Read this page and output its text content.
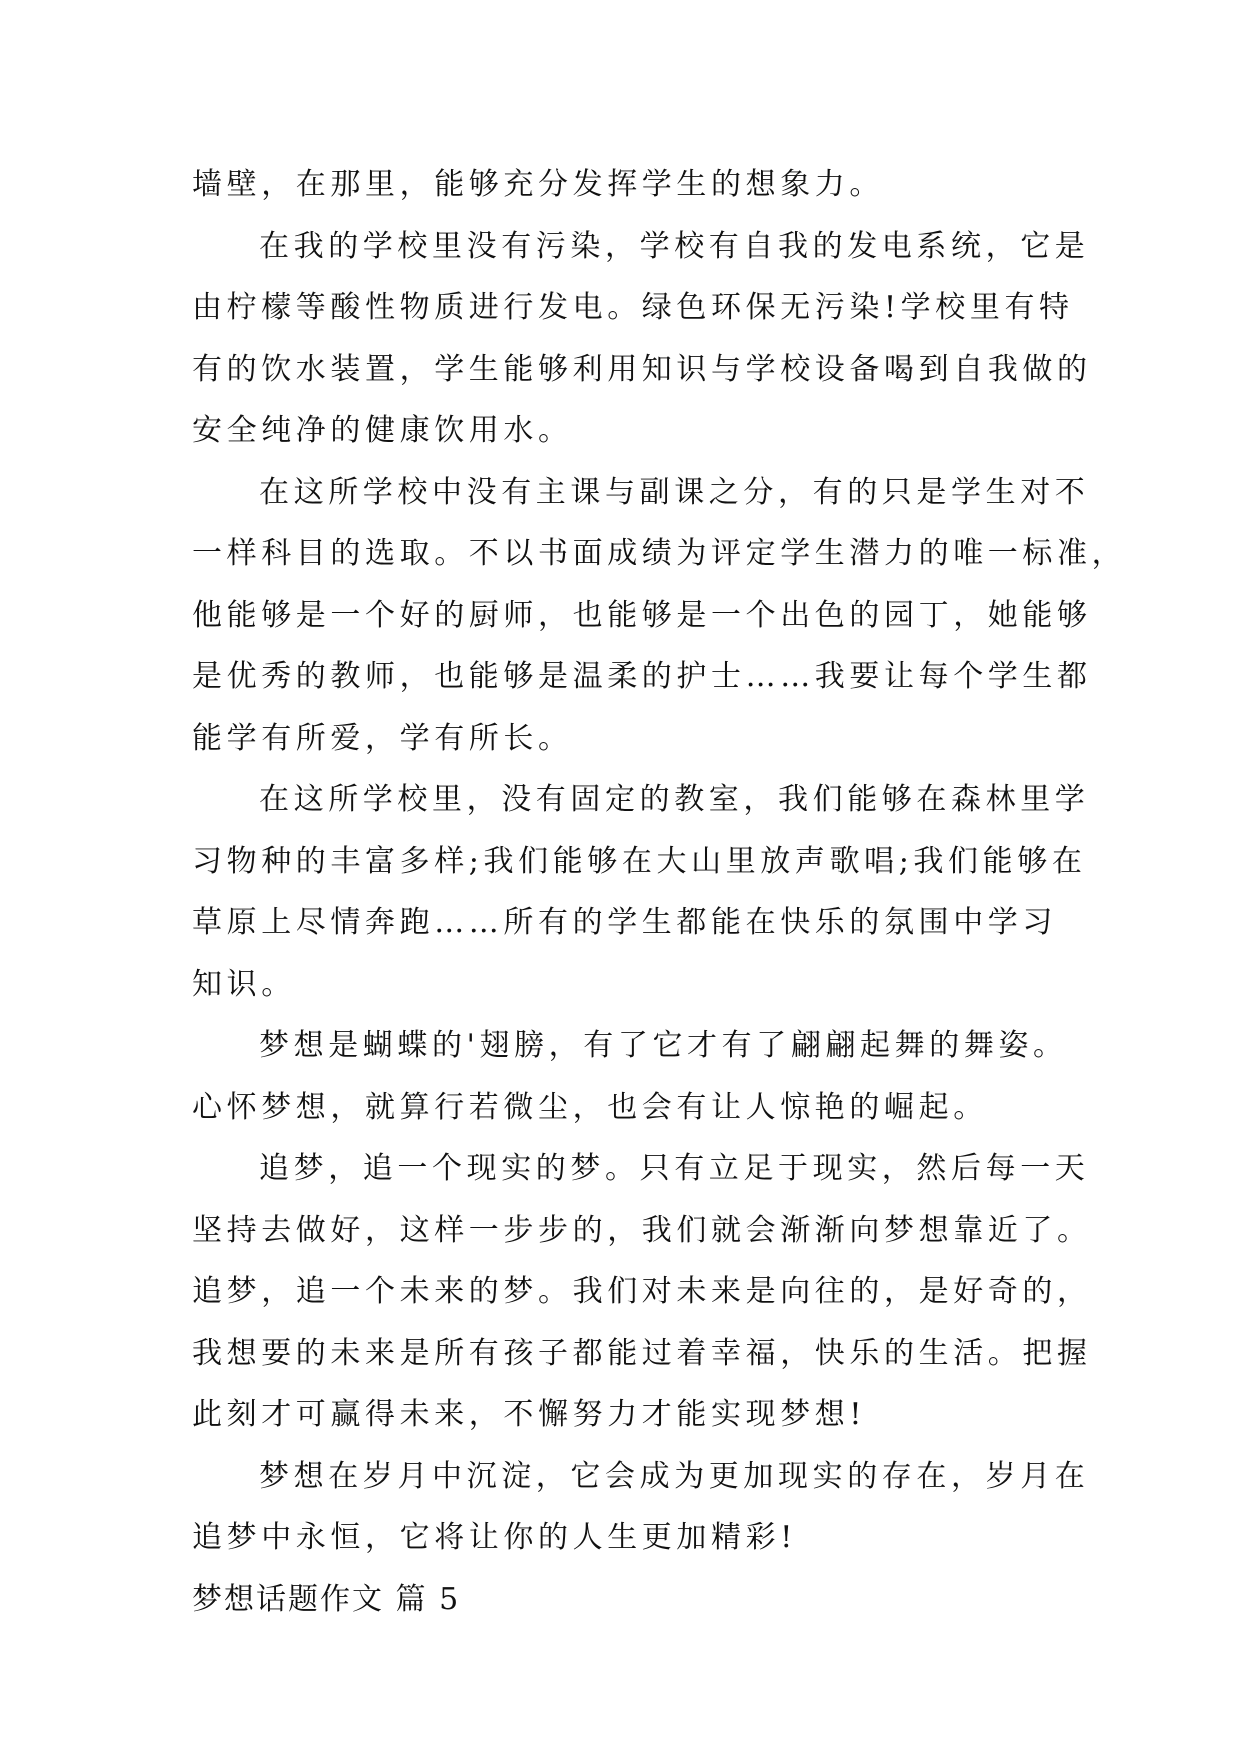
墙壁，在那里，能够充分发挥学生的想象力。
在我的学校里没有污染，学校有自我的发电系统，它是
由柠檬等酸性物质进行发电。绿色环保无污染!学校里有特
有的饮水装置，学生能够利用知识与学校设备喝到自我做的
安全纯净的健康饮用水。
在这所学校中没有主课与副课之分，有的只是学生对不
一样科目的选取。不以书面成绩为评定学生潜力的唯一标准，
他能够是一个好的厨师，也能够是一个出色的园丁，她能够
是优秀的教师，也能够是温柔的护士……我要让每个学生都
能学有所爱，学有所长。
在这所学校里，没有固定的教室，我们能够在森林里学
习物种的丰富多样;我们能够在大山里放声歌唱;我们能够在
草原上尽情奔跑……所有的学生都能在快乐的氛围中学习
知识。
梦想是蝴蝶的'翅膀，有了它才有了翩翩起舞的舞姿。
心怀梦想，就算行若微尘，也会有让人惊艳的崛起。
追梦，追一个现实的梦。只有立足于现实，然后每一天
坚持去做好，这样一步步的，我们就会渐渐向梦想靠近了。
追梦，追一个未来的梦。我们对未来是向往的，是好奇的，
我想要的未来是所有孩子都能过着幸福，快乐的生活。把握
此刻才可赢得未来，不懈努力才能实现梦想!
梦想在岁月中沉淀，它会成为更加现实的存在，岁月在
追梦中永恒，它将让你的人生更加精彩!
梦想话题作文 篇 5
